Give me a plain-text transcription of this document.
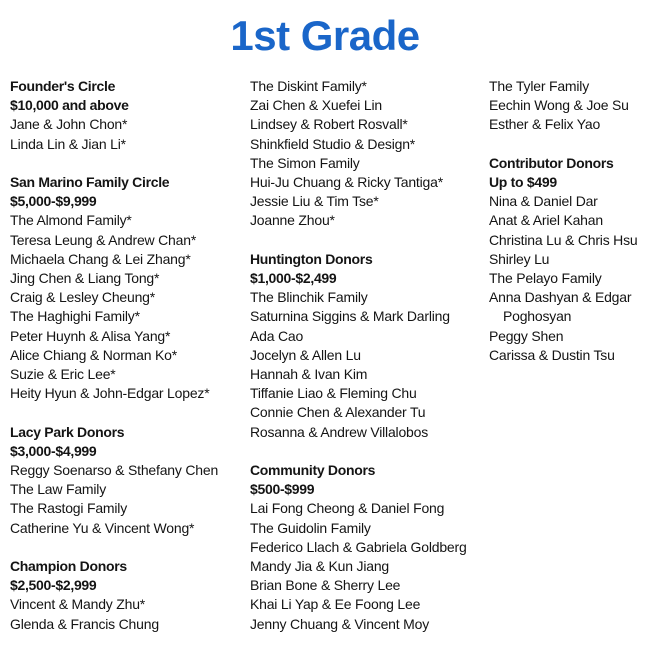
1st Grade
Founder's Circle
$10,000 and above
Jane & John Chon*
Linda Lin & Jian Li*
San Marino Family Circle
$5,000-$9,999
The Almond Family*
Teresa Leung & Andrew Chan*
Michaela Chang & Lei Zhang*
Jing Chen & Liang Tong*
Craig & Lesley Cheung*
The Haghighi Family*
Peter Huynh & Alisa Yang*
Alice Chiang & Norman Ko*
Suzie & Eric Lee*
Heity Hyun & John-Edgar Lopez*
Lacy Park Donors
$3,000-$4,999
Reggy Soenarso & Sthefany Chen
The Law Family
The Rastogi Family
Catherine Yu & Vincent Wong*
Champion Donors
$2,500-$2,999
Vincent & Mandy Zhu*
Glenda & Francis Chung
The Diskint Family*
Zai Chen & Xuefei Lin
Lindsey & Robert Rosvall*
Shinkfield Studio & Design*
The Simon Family
Hui-Ju Chuang & Ricky Tantiga*
Jessie Liu & Tim Tse*
Joanne Zhou*
Huntington Donors
$1,000-$2,499
The Blinchik Family
Saturnina Siggins & Mark Darling
Ada Cao
Jocelyn & Allen Lu
Hannah & Ivan Kim
Tiffanie Liao & Fleming Chu
Connie Chen & Alexander Tu
Rosanna & Andrew Villalobos
Community Donors
$500-$999
Lai Fong Cheong & Daniel Fong
The Guidolin Family
Federico Llach & Gabriela Goldberg
Mandy Jia & Kun Jiang
Brian Bone & Sherry Lee
Khai Li Yap & Ee Foong Lee
Jenny Chuang & Vincent Moy
The Tyler Family
Eechin Wong & Joe Su
Esther & Felix Yao
Contributor Donors
Up to $499
Nina & Daniel Dar
Anat & Ariel Kahan
Christina Lu & Chris Hsu
Shirley Lu
The Pelayo Family
Anna Dashyan & Edgar Poghosyan
Peggy Shen
Carissa & Dustin Tsu
